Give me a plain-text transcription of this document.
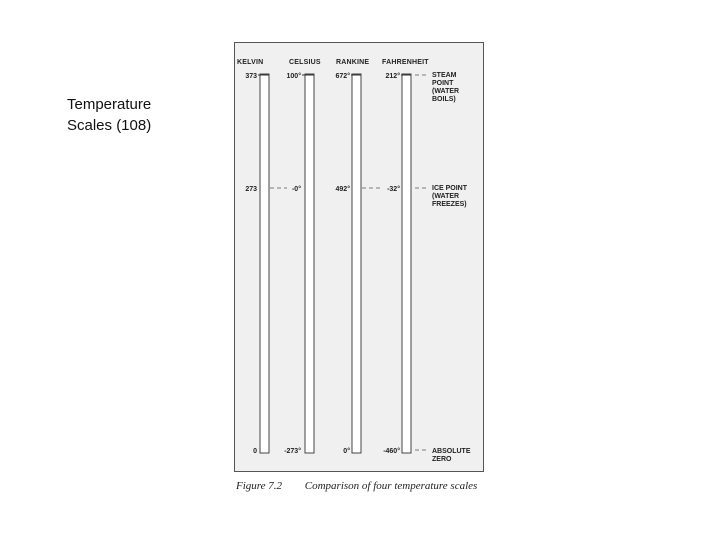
Temperature
Scales (108)
KELVIN	CELSIUS RANKINE FAHRENHEIT
373	100°	672°	212°
273	-0°	492°	-32°
0	-273°	0°	-460°
STEAM POINT (WATER BOILS)
ICE POINT (WATER FREEZES)
ABSOLUTE ZERO
Figure 7.2 Comparison of four temperature scales
